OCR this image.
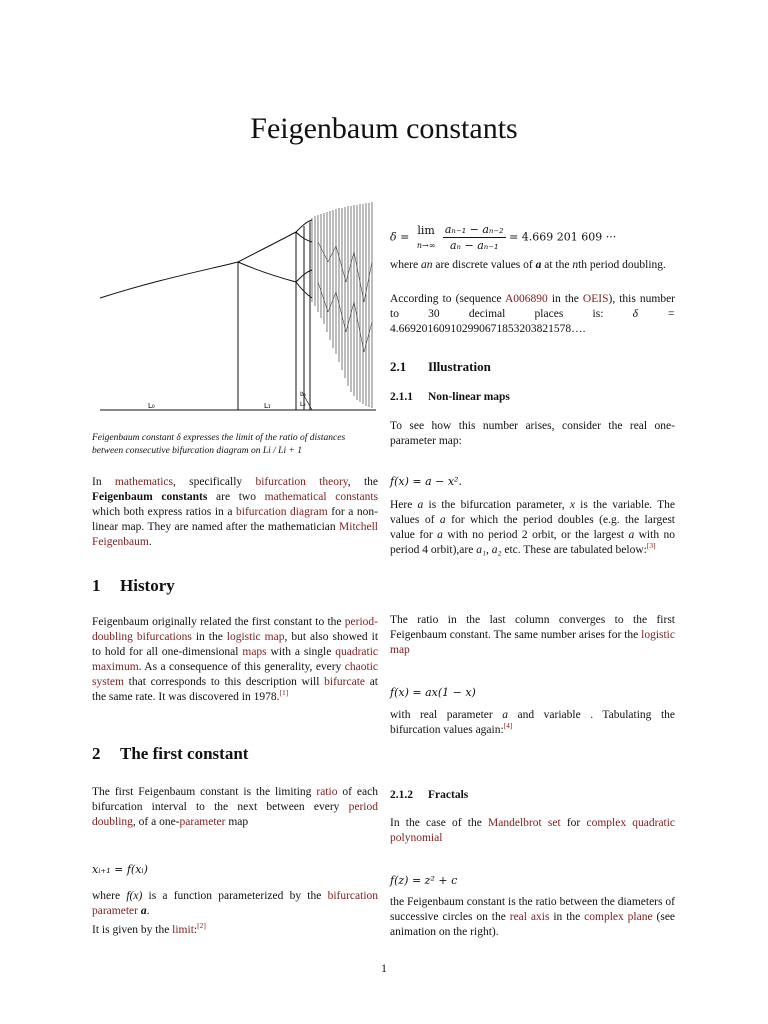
Feigenbaum constants
L₀	L₁	L₂
L₃

Feigenbaum constant δ expresses the limit of the ratio of distances between consecutive bifurcation diagram on Li / Li + 1

In mathematics, specifically bifurcation theory, the Feigenbaum constants are two mathematical constants which both express ratios in a bifurcation diagram for a non-linear map. They are named after the mathematician Mitchell Feigenbaum.

1 History

Feigenbaum originally related the first constant to the period-doubling bifurcations in the logistic map, but also showed it to hold for all one-dimensional maps with a single quadratic maximum. As a consequence of this generality, every chaotic system that corresponds to this description will bifurcate at the same rate. It was discovered in 1978.[1]

2 The first constant

The first Feigenbaum constant is the limiting ratio of each bifurcation interval to the next between every period doubling, of a one-parameter map

xᵢ₊₁ = f(xᵢ)

where f(x) is a function parameterized by the bifurcation parameter a.

It is given by the limit:[2]

δ =
lim
n→∞
$\frac{\text{aₙ₋₁ − aₙ₋₂}}{\text{aₙ − aₙ₋₁}} = 4.669$ 201 609 ···

where an are discrete values of a at the nth period doubling.

According to (sequence A006890 in the OEIS), this number to 30 decimal places is:	δ = 4.669201609102990671853203821578….

2.1 Illustration

2.1.1 Non-linear maps

To see how this number arises, consider the real one-parameter map:

f(x) = a − x².

Here a is the bifurcation parameter, x is the variable. The values of a for which the period doubles (e.g. the largest value for a with no period 2 orbit, or the largest a with no period 4 orbit),are a₁, a₂ etc. These are tabulated below:[3]

The ratio in the last column converges to the first Feigenbaum constant. The same number arises for the logistic map

f(x) = ax(1 − x)

with real parameter a and variable . Tabulating the bifurcation values again:[4]

2.1.2 Fractals

In the case of the Mandelbrot set for complex quadratic polynomial

f(z) = z² + c

the Feigenbaum constant is the ratio between the diameters of successive circles on the real axis in the complex plane (see animation on the right).

1
